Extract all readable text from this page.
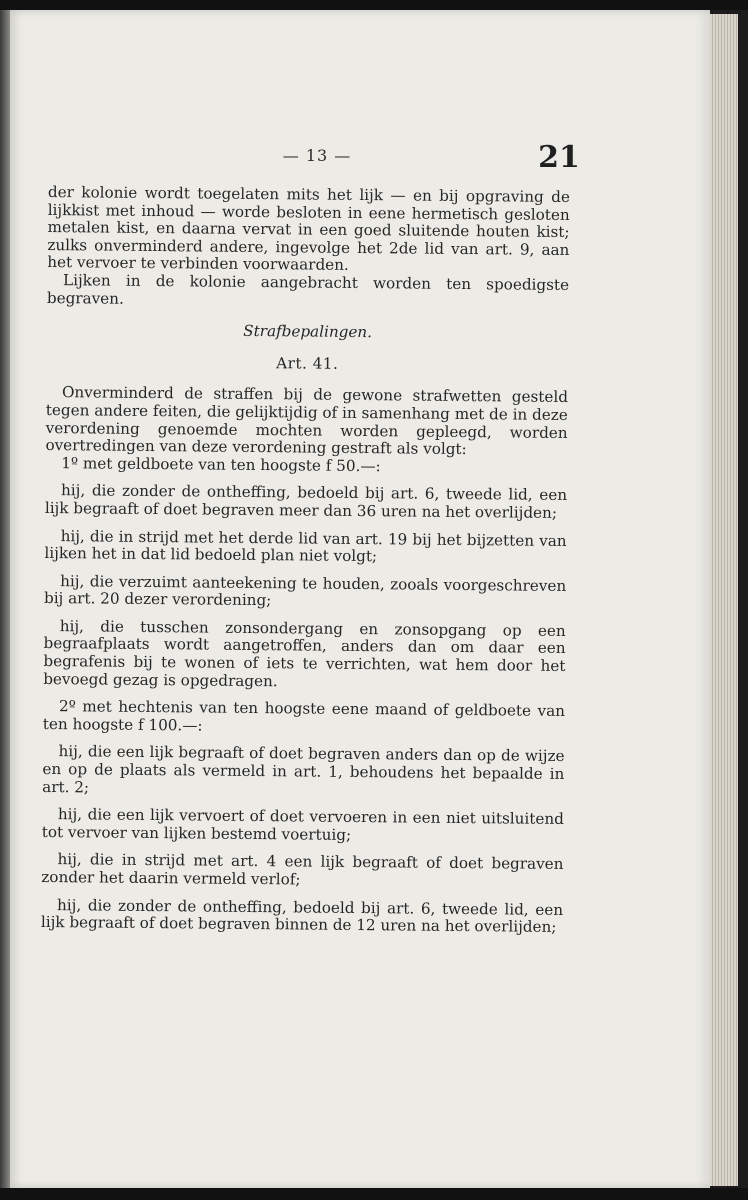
— 13 —	21

der kolonie wordt toegelaten mits het lijk — en bij opgraving de lijkkist met inhoud — worde besloten in eene hermetisch gesloten metalen kist, en daarna vervat in een goed sluitende houten kist; zulks onverminderd andere, ingevolge het 2de lid van art. 9, aan het vervoer te verbinden voorwaarden.

Lijken in de kolonie aangebracht worden ten spoedigste begraven.

Strafbepalingen.

Art. 41.

Onverminderd de straffen bij de gewone strafwetten gesteld tegen andere feiten, die gelijktijdig of in samenhang met de in deze verordening genoemde mochten worden gepleegd, worden overtredingen van deze verordening gestraft als volgt:

1º met geldboete van ten hoogste f 50.—:

hij, die zonder de ontheffing, bedoeld bij art. 6, tweede lid, een lijk begraaft of doet begraven meer dan 36 uren na het overlijden;

hij, die in strijd met het derde lid van art. 19 bij het bijzetten van lijken het in dat lid bedoeld plan niet volgt;

hij, die verzuimt aanteekening te houden, zooals voorgeschreven bij art. 20 dezer verordening;

hij, die tusschen zonsondergang en zonsopgang op een begraafplaats wordt aangetroffen, anders dan om daar een begrafenis bij te wonen of iets te verrichten, wat hem door het bevoegd gezag is opgedragen.

2º met hechtenis van ten hoogste eene maand of geldboete van ten hoogste f 100.—:

hij, die een lijk begraaft of doet begraven anders dan op de wijze en op de plaats als vermeld in art. 1, behoudens het bepaalde in art. 2;

hij, die een lijk vervoert of doet vervoeren in een niet uitsluitend tot vervoer van lijken bestemd voertuig;

hij, die in strijd met art. 4 een lijk begraaft of doet begraven zonder het daarin vermeld verlof;

hij, die zonder de ontheffing, bedoeld bij art. 6, tweede lid, een lijk begraaft of doet begraven binnen de 12 uren na het overlijden;
